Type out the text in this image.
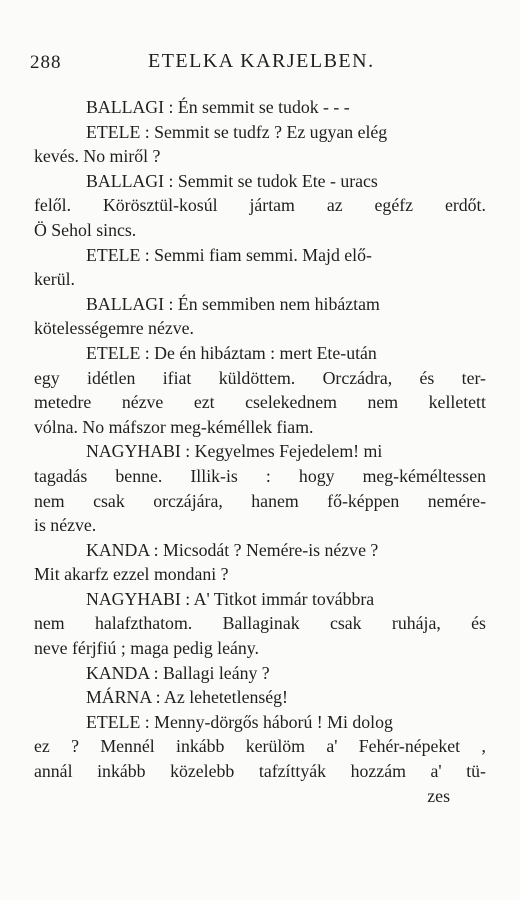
288	ETELKA KARJELBEN.
BALLAGI : Én semmit se tudok - - -
ETELE : Semmit se tudfz ? Ez ugyan elég
kevés. No miről ?
BALLAGI : Semmit se tudok Ete - uracs
felől. Körösztül-kosúl jártam az egéfz erdőt.
Ö Sehol sincs.
ETELE : Semmi fiam semmi. Majd elő-
kerül.
BALLAGI : Én semmiben nem hibáztam
kötelességemre nézve.
ETELE : De én hibáztam : mert Ete-után
egy idétlen ifiat küldöttem. Orczádra, és ter-
metedre nézve ezt cselekednem nem kelletett
vólna. No máfszor meg-kéméllek fiam.
NAGYHABI : Kegyelmes Fejedelem! mi
tagadás benne. Illik-is : hogy meg-kéméltessen
nem csak orczájára, hanem fő-képpen nemére-
is nézve.
KANDA : Micsodát ? Nemére-is nézve ?
Mit akarfz ezzel mondani ?
NAGYHABI : A' Titkot immár továbbra
nem halafzthatom. Ballaginak csak ruhája, és
neve férjfiú ; maga pedig leány.
KANDA : Ballagi leány ?
MÁRNA : Az lehetetlenség!
ETELE : Menny-dörgős háború ! Mi dolog
ez ? Mennél inkább kerülöm a' Fehér-népeket ,
annál inkább közelebb tafzíttyák hozzám a' tü-
zes
